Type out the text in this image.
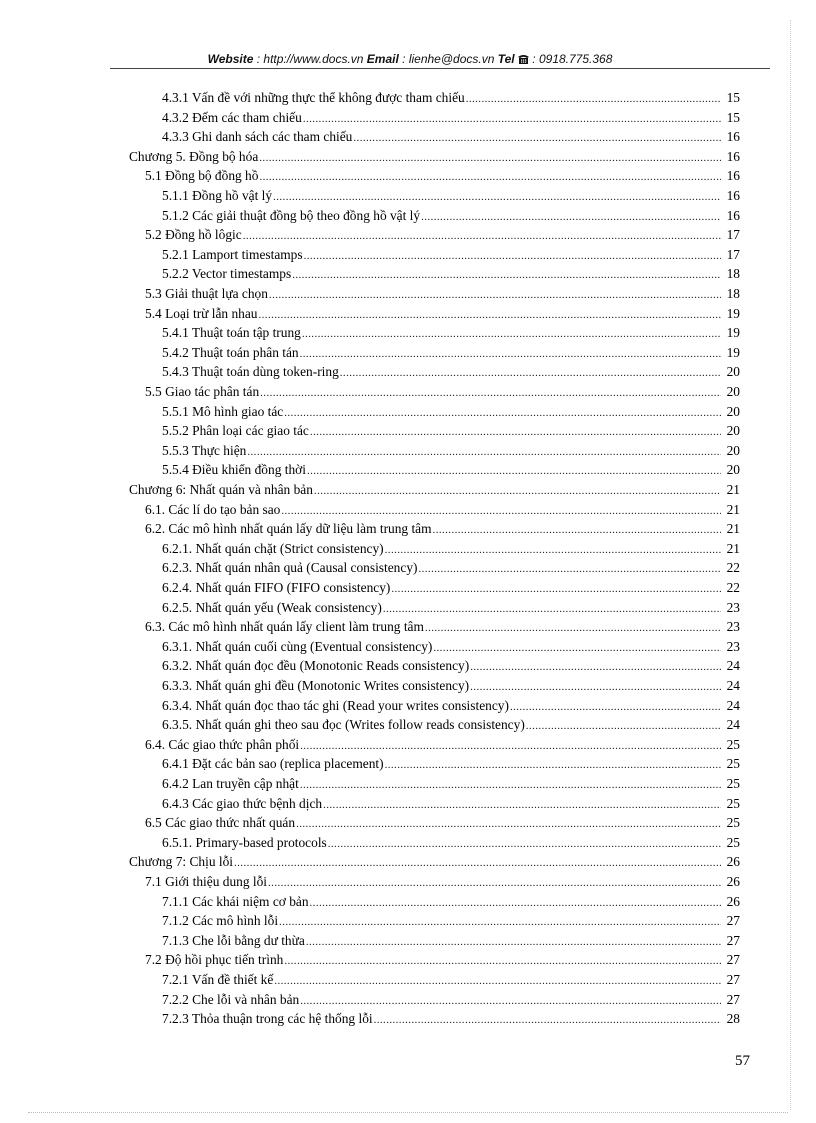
Website : http://www.docs.vn Email : lienhe@docs.vn Tel  : 0918.775.368
4.3.1 Vấn đề với những thực thể không được tham chiếu .....	15
4.3.2 Đếm các tham chiếu .....	15
4.3.3 Ghi danh sách các tham chiếu .....	16
Chương 5. Đồng bộ hóa .....	16
5.1 Đồng bộ đồng hồ .....	16
5.1.1 Đồng hồ vật lý .....	16
5.1.2 Các giải thuật đồng bộ theo đồng hồ vật lý .....	16
5.2 Đồng hồ lôgic .....	17
5.2.1 Lamport timestamps .....	17
5.2.2 Vector timestamps .....	18
5.3 Giải thuật lựa chọn .....	18
5.4 Loại trừ lẫn nhau .....	19
5.4.1 Thuật toán tập trung .....	19
5.4.2 Thuật toán phân tán .....	19
5.4.3 Thuật toán dùng token-ring .....	20
5.5 Giao tác phân tán .....	20
5.5.1 Mô hình giao tác .....	20
5.5.2 Phân loại các giao tác .....	20
5.5.3 Thực hiện .....	20
5.5.4 Điều khiển đồng thời .....	20
Chương 6: Nhất quán và nhân bản .....	21
6.1. Các lí do tạo bản sao .....	21
6.2. Các mô hình nhất quán lấy dữ liệu làm trung tâm .....	21
6.2.1. Nhất quán chặt (Strict consistency) .....	21
6.2.3. Nhất quán nhân quả (Causal consistency) .....	22
6.2.4. Nhất quán FIFO (FIFO consistency) .....	22
6.2.5. Nhất quán yếu (Weak consistency) .....	23
6.3. Các mô hình nhất quán lấy client làm trung tâm .....	23
6.3.1. Nhất quán cuối cùng (Eventual consistency) .....	23
6.3.2. Nhất quán đọc đều (Monotonic Reads consistency) .....	24
6.3.3. Nhất quán ghi đều (Monotonic Writes consistency) .....	24
6.3.4. Nhất quán đọc thao tác ghi (Read your writes consistency) .....	24
6.3.5. Nhất quán ghi theo sau đọc (Writes follow reads consistency) .....	24
6.4. Các giao thức phân phối .....	25
6.4.1 Đặt các bản sao (replica placement) .....	25
6.4.2 Lan truyền cập nhật .....	25
6.4.3 Các giao thức bệnh dịch .....	25
6.5 Các giao thức nhất quán .....	25
6.5.1. Primary-based protocols .....	25
Chương 7: Chịu lỗi .....	26
7.1 Giới thiệu dung lỗi .....	26
7.1.1 Các khái niệm cơ bản .....	26
7.1.2 Các mô hình lỗi .....	27
7.1.3 Che lỗi bằng dư thừa .....	27
7.2 Độ hồi phục tiến trình .....	27
7.2.1 Vấn đề thiết kế .....	27
7.2.2 Che lỗi và nhân bản .....	27
7.2.3 Thỏa thuận trong các hệ thống lỗi .....	28
57
